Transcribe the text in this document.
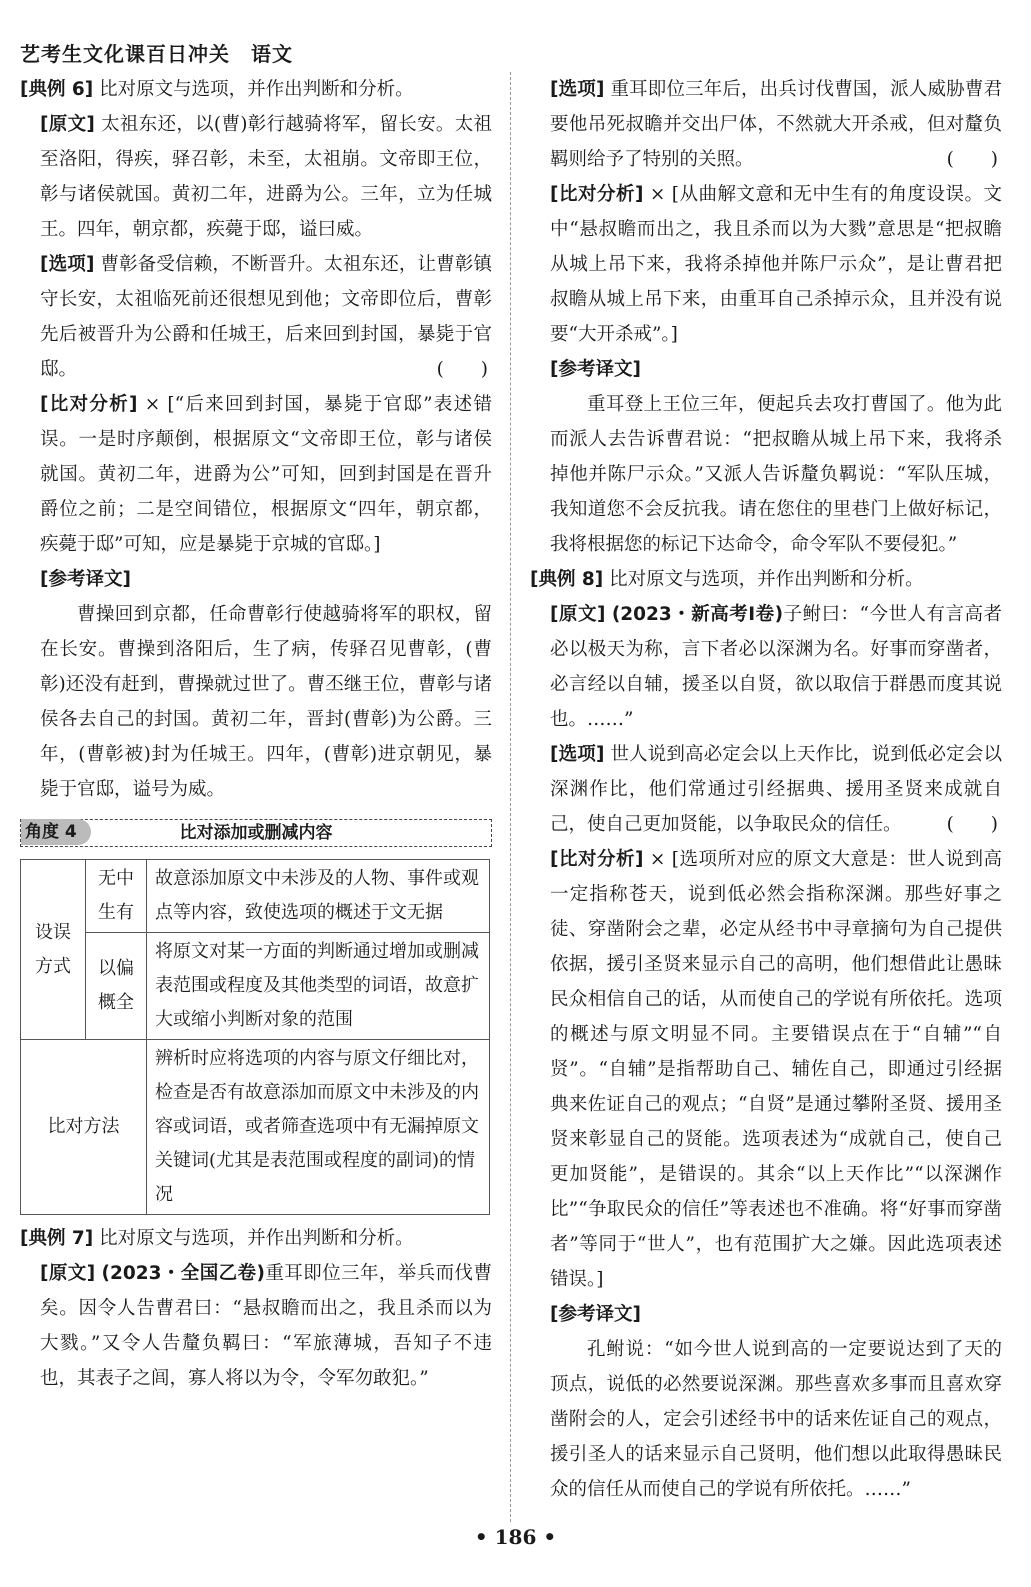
艺考生文化课百日冲关　语文

[典例 6] 比对原文与选项，并作出判断和分析。

[原文] 太祖东还，以(曹)彰行越骑将军，留长安。太祖至洛阳，得疾，驿召彰，未至，太祖崩。文帝即王位，彰与诸侯就国。黄初二年，进爵为公。三年，立为任城王。四年，朝京都，疾薨于邸，谥曰威。

[选项] 曹彰备受信赖，不断晋升。太祖东还，让曹彰镇守长安，太祖临死前还很想见到他；文帝即位后，曹彰先后被晋升为公爵和任城王，后来回到封国，暴毙于官邸。	(　　)

[比对分析] × [“后来回到封国，暴毙于官邸”表述错误。一是时序颠倒，根据原文“文帝即王位，彰与诸侯就国。黄初二年，进爵为公”可知，回到封国是在晋升爵位之前；二是空间错位，根据原文“四年，朝京都，疾薨于邸”可知，应是暴毙于京城的官邸。]

[参考译文]

曹操回到京都，任命曹彰行使越骑将军的职权，留在长安。曹操到洛阳后，生了病，传驿召见曹彰，(曹彰)还没有赶到，曹操就过世了。曹丕继王位，曹彰与诸侯各去自己的封国。黄初二年，晋封(曹彰)为公爵。三年，(曹彰被)封为任城王。四年，(曹彰)进京朝见，暴毙于官邸，谥号为威。

角度 4	比对添加或删减内容
设误方式	无中生有	故意添加原文中未涉及的人物、事件或观点等内容，致使选项的概述于文无据
	以偏概全	将原文对某一方面的判断通过增加或删减表范围或程度及其他类型的词语，故意扩大或缩小判断对象的范围
比对方法		辨析时应将选项的内容与原文仔细比对，检查是否有故意添加而原文中未涉及的内容或词语，或者筛查选项中有无漏掉原文关键词(尤其是表范围或程度的副词)的情况

[典例 7] 比对原文与选项，并作出判断和分析。

[原文] (2023・全国乙卷)重耳即位三年，举兵而伐曹矣。因令人告曹君曰：“悬叔瞻而出之，我且杀而以为大戮。”又令人告釐负羁曰：“军旅薄城，吾知子不违也，其表子之闾，寡人将以为令，令军勿敢犯。”

[选项] 重耳即位三年后，出兵讨伐曹国，派人威胁曹君要他吊死叔瞻并交出尸体，不然就大开杀戒，但对釐负羁则给予了特别的关照。	(　　)

[比对分析] × [从曲解文意和无中生有的角度设误。文中“悬叔瞻而出之，我且杀而以为大戮”意思是“把叔瞻从城上吊下来，我将杀掉他并陈尸示众”，是让曹君把叔瞻从城上吊下来，由重耳自己杀掉示众，且并没有说要“大开杀戒”。]

[参考译文]

重耳登上王位三年，便起兵去攻打曹国了。他为此而派人去告诉曹君说：“把叔瞻从城上吊下来，我将杀掉他并陈尸示众。”又派人告诉釐负羁说：“军队压城，我知道您不会反抗我。请在您住的里巷门上做好标记，我将根据您的标记下达命令，命令军队不要侵犯。”

[典例 8] 比对原文与选项，并作出判断和分析。

[原文] (2023・新高考Ⅰ卷)子鲋曰：“今世人有言高者必以极天为称，言下者必以深渊为名。好事而穿凿者，必言经以自辅，援圣以自贤，欲以取信于群愚而度其说也。……”

[选项] 世人说到高必定会以上天作比，说到低必定会以深渊作比，他们常通过引经据典、援用圣贤来成就自己，使自己更加贤能，以争取民众的信任。 (　　)

[比对分析] × [选项所对应的原文大意是：世人说到高一定指称苍天，说到低必然会指称深渊。那些好事之徒、穿凿附会之辈，必定从经书中寻章摘句为自己提供依据，援引圣贤来显示自己的高明，他们想借此让愚昧民众相信自己的话，从而使自己的学说有所依托。选项的概述与原文明显不同。主要错误点在于“自辅”“自贤”。“自辅”是指帮助自己、辅佐自己，即通过引经据典来佐证自己的观点；“自贤”是通过攀附圣贤、援用圣贤来彰显自己的贤能。选项表述为“成就自己，使自己更加贤能”，是错误的。其余“以上天作比”“以深渊作比”“争取民众的信任”等表述也不准确。将“好事而穿凿者”等同于“世人”，也有范围扩大之嫌。因此选项表述错误。]

[参考译文]

孔鲋说：“如今世人说到高的一定要说达到了天的顶点，说低的必然要说深渊。那些喜欢多事而且喜欢穿凿附会的人，定会引述经书中的话来佐证自己的观点，援引圣人的话来显示自己贤明，他们想以此取得愚昧民众的信任从而使自己的学说有所依托。……”

• 186 •
